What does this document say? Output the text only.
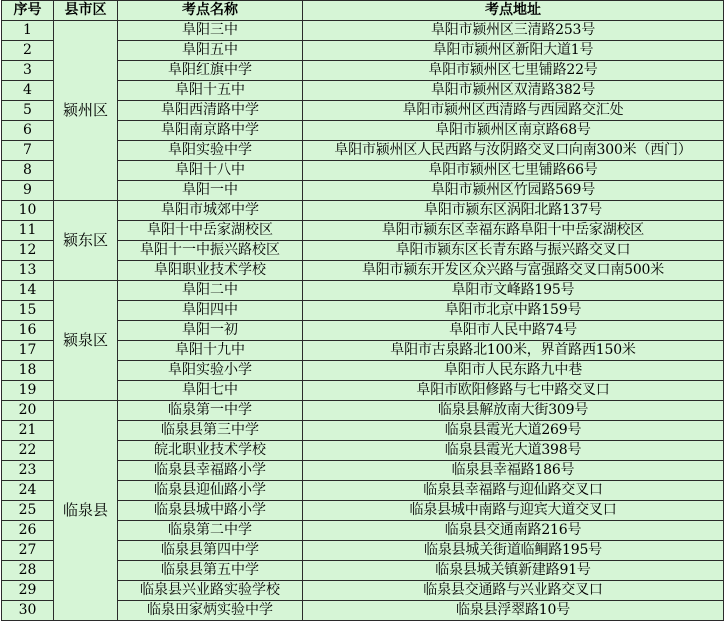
序号	县市区	考点名称	考点地址
1	颍州区	阜阳三中	阜阳市颍州区三清路253号
2		阜阳五中	阜阳市颍州区新阳大道1号
3		阜阳红旗中学	阜阳市颍州区七里铺路22号
4		阜阳十五中	阜阳市颍州区双清路382号
5		阜阳西清路中学	阜阳市颍州区西清路与西园路交汇处
6		阜阳南京路中学	阜阳市颍州区南京路68号
7		阜阳实验中学	阜阳市颍州区人民西路与汝阴路交叉口向南300米（西门）
8		阜阳十八中	阜阳市颍州区七里铺路66号
9		阜阳一中	阜阳市颍州区竹园路569号
10	颍东区	阜阳市城郊中学	阜阳市颍东区涡阳北路137号
11		阜阳十中岳家湖校区	阜阳市颍东区幸福东路阜阳十中岳家湖校区
12		阜阳十一中振兴路校区	阜阳市颍东区长青东路与振兴路交叉口
13		阜阳职业技术学校	阜阳市颍东开发区众兴路与富强路交叉口南500米
14	颍泉区	阜阳二中	阜阳市文峰路195号
15		阜阳四中	阜阳市北京中路159号
16		阜阳一初	阜阳市人民中路74号
17		阜阳十九中	阜阳市古泉路北100米，界首路西150米
18		阜阳实验小学	阜阳市人民东路九中巷
19		阜阳七中	阜阳市欧阳修路与七中路交叉口
20	临泉县	临泉第一中学	临泉县解放南大街309号
21		临泉县第三中学	临泉县霞光大道269号
22		皖北职业技术学校	临泉县霞光大道398号
23		临泉县幸福路小学	临泉县幸福路186号
24		临泉县迎仙路小学	临泉县幸福路与迎仙路交叉口
25		临泉县城中路小学	临泉县城中南路与迎宾大道交叉口
26		临泉第二中学	临泉县交通南路216号
27		临泉县第四中学	临泉县城关街道临鲖路195号
28		临泉县第五中学	临泉县城关镇新建路91号
29		临泉县兴业路实验学校	临泉县交通路与兴业路交叉口
30		临泉田家炳实验中学	临泉县浮翠路10号
